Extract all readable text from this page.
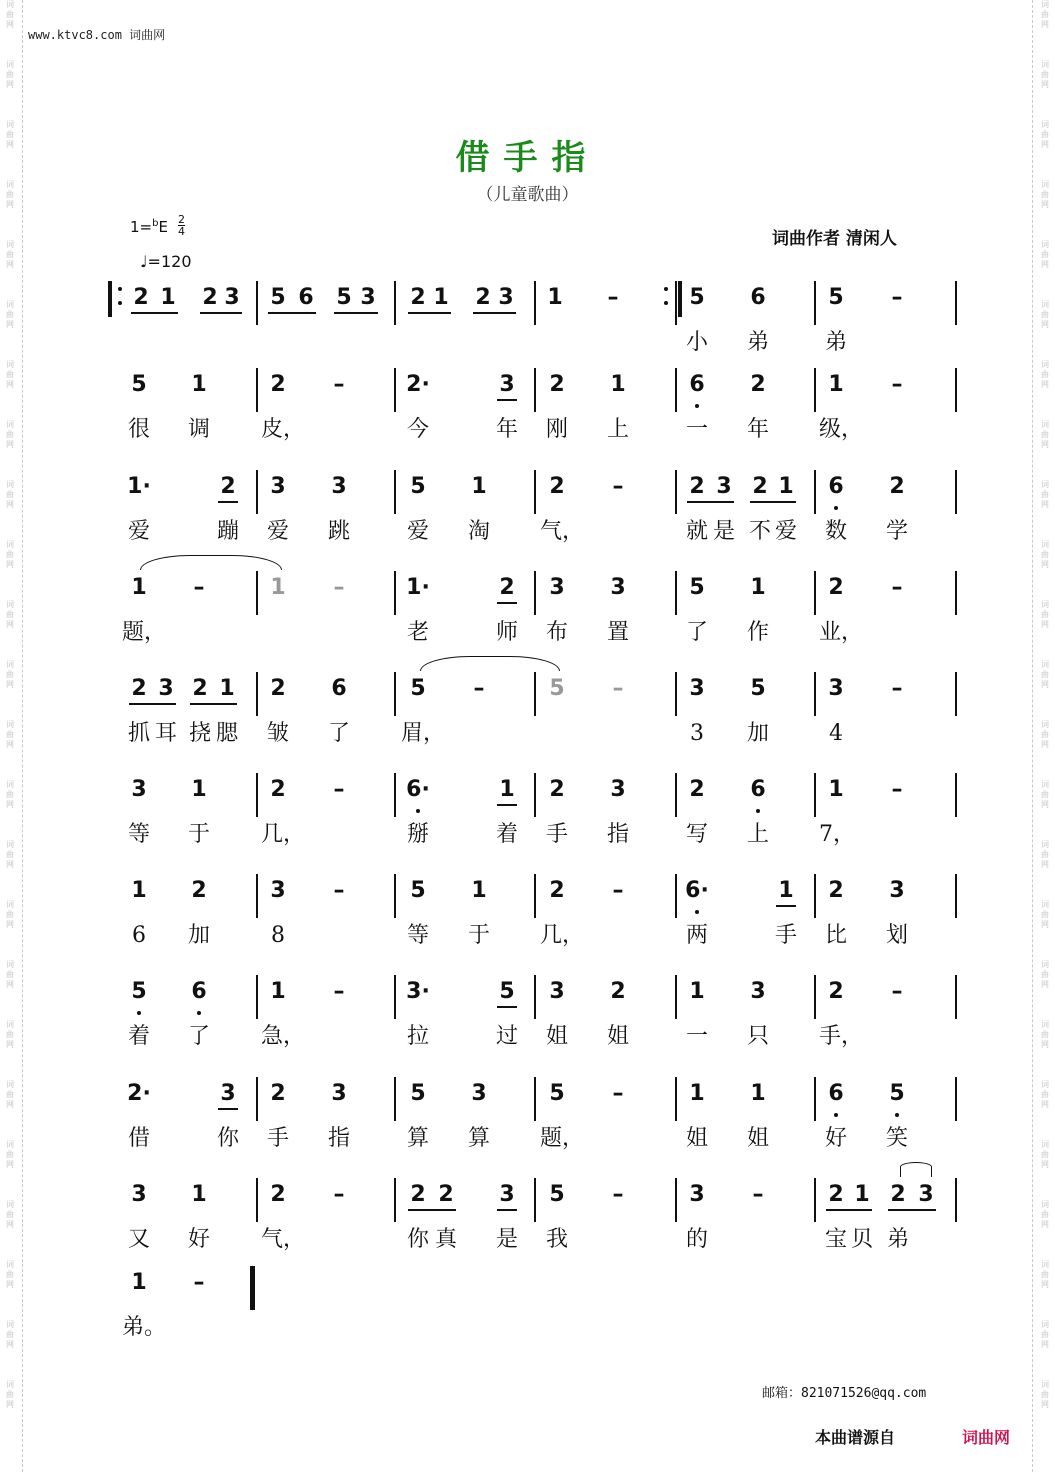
www.ktvc8.com 词曲网
借手指
（儿童歌曲）
$1=^bE \frac{2}{4}$
♩=120
词曲作者 清闲人
邮箱：821071526@qq.com
本曲谱源自	词曲网
词
曲
网
词
曲
网
词
曲
网
词
曲
网
词
曲
网
词
曲
网
词
曲
网
词
曲
网
词
曲
网
词
曲
网
词
曲
网
词
曲
网
词
曲
网
词
曲
网
词
曲
网
词
曲
网
词
曲
网
词
曲
网
词
曲
网
词
曲
网
词
曲
网
词
曲
网
词
曲
网
词
曲
网
词
曲
网
词
曲
网
词
曲
网
词
曲
网
词
曲
网
词
曲
网
词
曲
网
词
曲
网
词
曲
网
词
曲
网
词
曲
网
词
曲
网
词
曲
网
词
曲
网
词
曲
网
词
曲
网
词
曲
网
词
曲
网
词
曲
网
词
曲
网
词
曲
网
词
曲
网
词
曲
网
词
曲
网
2 1	2 3	5 6	5 3	2 1	2 3	1	–	5	6	5	–
小 弟	弟
5	1	2	–	2·	3	2	1	6	2	1	–
很 调 皮，	今	年 刚 上	一 年 级，
1·	2	3	3	5	1	2	–	2 3 2 1	6	2
爱	蹦 爱 跳	爱 淘 气，	就 是 不 爱 数 学
1	–	1	–	1·	2	3	3	5	1	2	–
题，	老	师 布 置	了 作 业，
2 3 2 1	2	6	5	–	5	–	3	5	3	–
抓 耳 挠 腮 皱 了 眉，	3	加	4
3	1	2	–	6·	1	2	3	2	6	1	–
等 于 几，	掰	着 手 指	写 上 7，
1	2	3	–	5	1	2	–	6·	1	2	3
6	加	8	等 于 几，	两	手 比 划
5	6	1	–	3·	5	3	2	1	3	2	–
着 了 急，	拉	过 姐 姐	一 只 手，
2·	3	2	3	5	3	5	–	1	1	6	5
借	你 手 指	算 算 题，	姐 姐	好 笑
3	1	2	–	2 2	3	5	–	3	–	2 1 2 3
又 好 气，	你 真 是 我	的	宝 贝 弟
1	–
弟。
